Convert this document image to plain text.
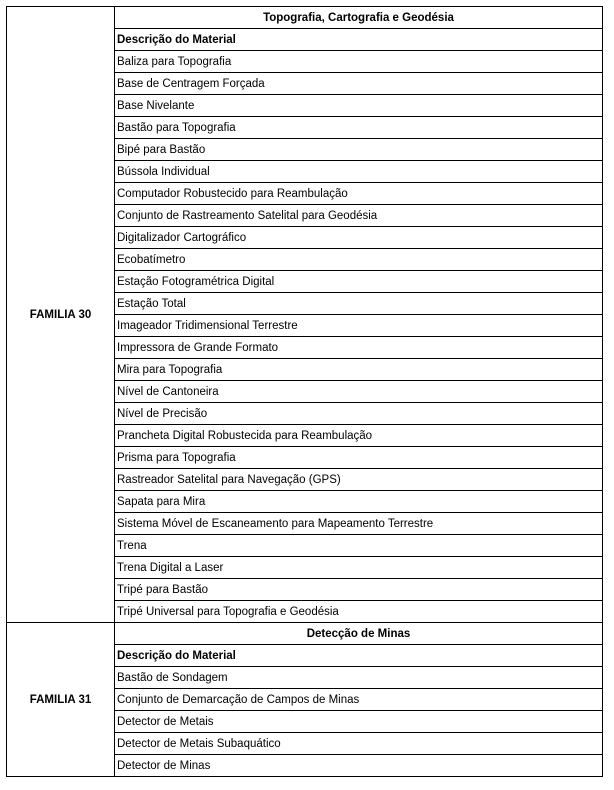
FAMILIA 30	Topografia, Cartografia e Geodésia
	Descrição do Material
	Baliza para Topografia
	Base de Centragem Forçada
	Base Nivelante
	Bastão para Topografia
	Bipé para Bastão
	Bússola Individual
	Computador Robustecido para Reambulação
	Conjunto de Rastreamento Satelital para Geodésia
	Digitalizador Cartográfico
	Ecobatímetro
	Estação Fotogramétrica Digital
	Estação Total
	Imageador Tridimensional Terrestre
	Impressora de Grande Formato
	Mira para Topografia
	Nível de Cantoneira
	Nível de Precisão
	Prancheta Digital Robustecida para Reambulação
	Prisma para Topografia
	Rastreador Satelital para Navegação (GPS)
	Sapata para Mira
	Sistema Móvel de Escaneamento para Mapeamento Terrestre
	Trena
	Trena Digital a Laser
	Tripé para Bastão
	Tripé Universal para Topografia e Geodésia
FAMILIA 31	Detecção de Minas
	Descrição do Material
	Bastão de Sondagem
	Conjunto de Demarcação de Campos de Minas
	Detector de Metais
	Detector de Metais Subaquático
	Detector de Minas
